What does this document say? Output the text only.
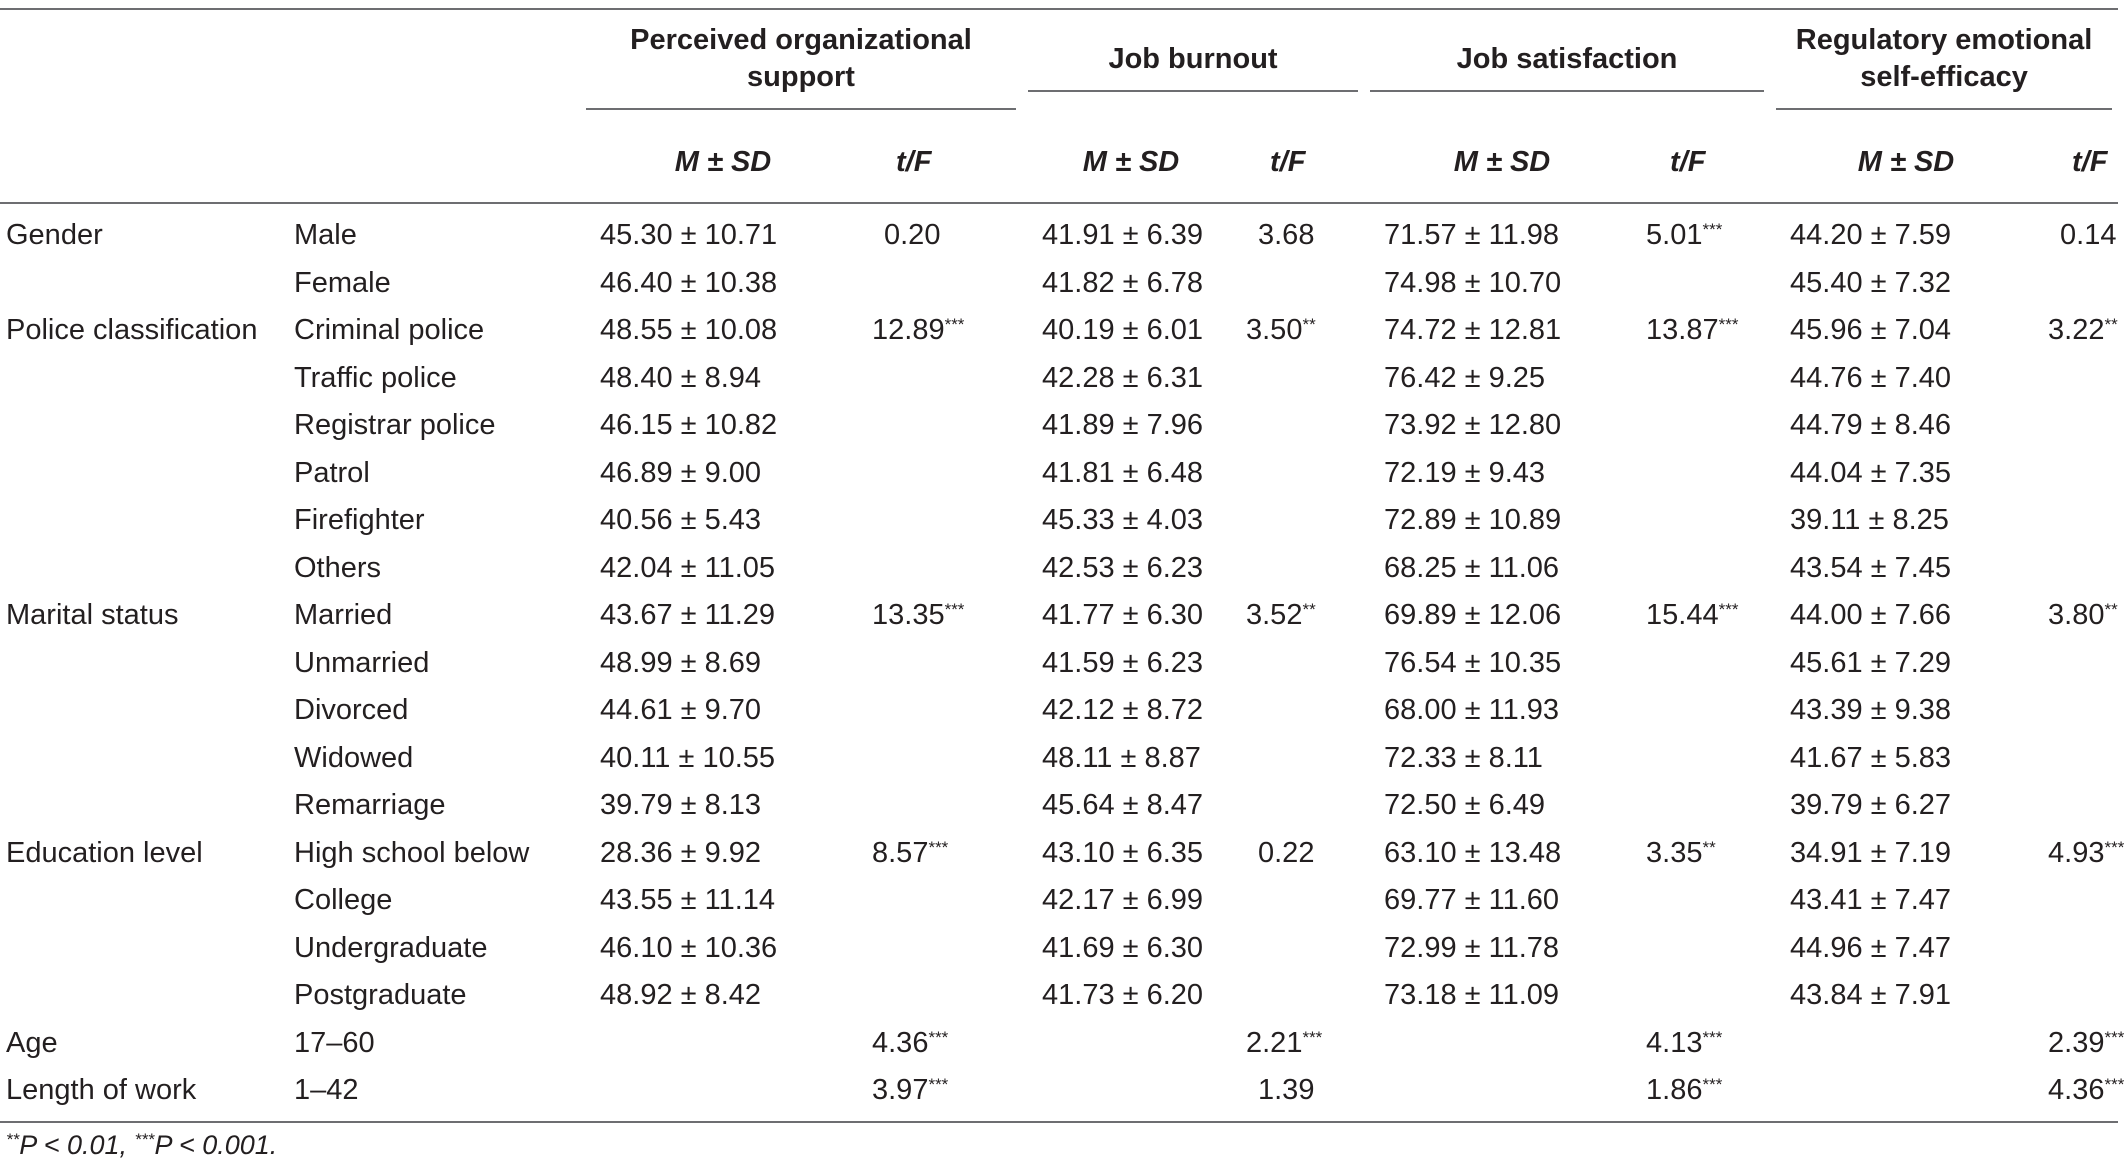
		Perceived organizational support		Job burnout		Job satisfaction		Regulatory emotional self-efficacy	

		M ± SD	t/F	M ± SD	t/F	M ± SD	t/F	M ± SD	t/F
Gender	Male	45.30 ± 10.71	0.20	41.91 ± 6.39	3.68	71.57 ± 11.98	5.01***	44.20 ± 7.59	0.14
	Female	46.40 ± 10.38		41.82 ± 6.78		74.98 ± 10.70		45.40 ± 7.32	
Police classification	Criminal police	48.55 ± 10.08	12.89***	40.19 ± 6.01	3.50**	74.72 ± 12.81	13.87***	45.96 ± 7.04	3.22**
	Traffic police	48.40 ± 8.94		42.28 ± 6.31		76.42 ± 9.25		44.76 ± 7.40	
	Registrar police	46.15 ± 10.82		41.89 ± 7.96		73.92 ± 12.80		44.79 ± 8.46	
	Patrol	46.89 ± 9.00		41.81 ± 6.48		72.19 ± 9.43		44.04 ± 7.35	
	Firefighter	40.56 ± 5.43		45.33 ± 4.03		72.89 ± 10.89		39.11 ± 8.25	
	Others	42.04 ± 11.05		42.53 ± 6.23		68.25 ± 11.06		43.54 ± 7.45	
Marital status	Married	43.67 ± 11.29	13.35***	41.77 ± 6.30	3.52**	69.89 ± 12.06	15.44***	44.00 ± 7.66	3.80**
	Unmarried	48.99 ± 8.69		41.59 ± 6.23		76.54 ± 10.35		45.61 ± 7.29	
	Divorced	44.61 ± 9.70		42.12 ± 8.72		68.00 ± 11.93		43.39 ± 9.38	
	Widowed	40.11 ± 10.55		48.11 ± 8.87		72.33 ± 8.11		41.67 ± 5.83	
	Remarriage	39.79 ± 8.13		45.64 ± 8.47		72.50 ± 6.49		39.79 ± 6.27	
Education level	High school below	28.36 ± 9.92	8.57***	43.10 ± 6.35	0.22	63.10 ± 13.48	3.35**	34.91 ± 7.19	4.93***
	College	43.55 ± 11.14		42.17 ± 6.99		69.77 ± 11.60		43.41 ± 7.47	
	Undergraduate	46.10 ± 10.36		41.69 ± 6.30		72.99 ± 11.78		44.96 ± 7.47	
	Postgraduate	48.92 ± 8.42		41.73 ± 6.20		73.18 ± 11.09		43.84 ± 7.91	
Age	17–60		4.36***		2.21***		4.13***		2.39***
Length of work	1–42		3.97***		1.39		1.86***		4.36***
**P < 0.01, ***P < 0.001.
